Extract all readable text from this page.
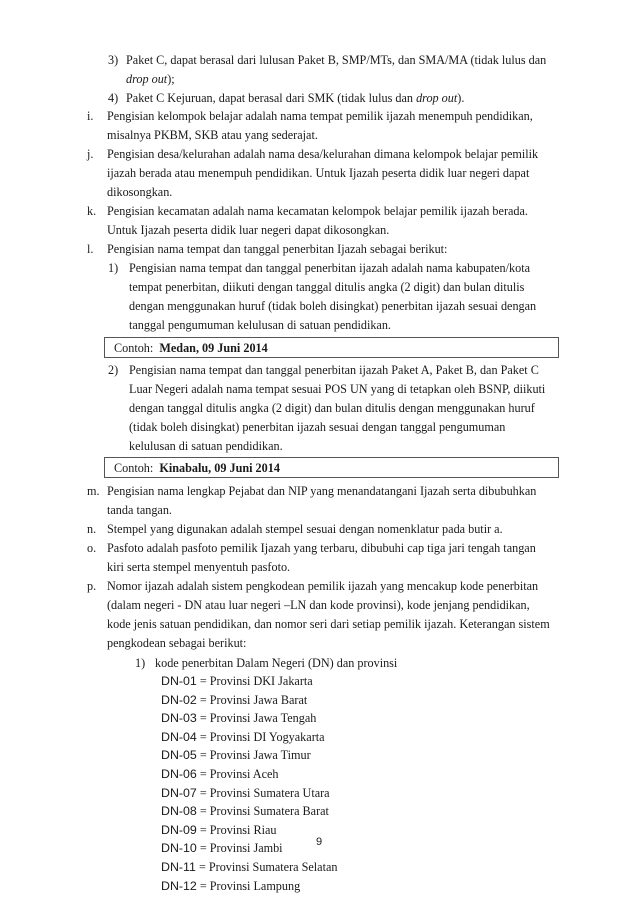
3) Paket C, dapat berasal dari lulusan Paket B, SMP/MTs, dan SMA/MA (tidak lulus dan
drop out);
4) Paket C Kejuruan, dapat berasal dari SMK (tidak lulus dan drop out).
i. Pengisian kelompok belajar adalah nama tempat pemilik ijazah menempuh pendidikan,
misalnya PKBM, SKB atau yang sederajat.
j. Pengisian desa/kelurahan adalah nama desa/kelurahan dimana kelompok belajar pemilik
ijazah berada atau menempuh pendidikan. Untuk Ijazah peserta didik luar negeri dapat
dikosongkan.
k. Pengisian kecamatan adalah nama kecamatan kelompok belajar pemilik ijazah berada.
Untuk Ijazah peserta didik luar negeri dapat dikosongkan.
l. Pengisian nama tempat dan tanggal penerbitan Ijazah sebagai berikut:
1) Pengisian nama tempat dan tanggal penerbitan ijazah adalah nama kabupaten/kota
tempat penerbitan, diikuti dengan tanggal ditulis angka (2 digit) dan bulan ditulis
dengan menggunakan huruf (tidak boleh disingkat) penerbitan ijazah sesuai dengan
tanggal pengumuman kelulusan di satuan pendidikan.
Contoh: Medan, 09 Juni 2014
2) Pengisian nama tempat dan tanggal penerbitan ijazah Paket A, Paket B, dan Paket C
Luar Negeri adalah nama tempat sesuai POS UN yang di tetapkan oleh BSNP, diikuti
dengan tanggal ditulis angka (2 digit) dan bulan ditulis dengan menggunakan huruf
(tidak boleh disingkat) penerbitan ijazah sesuai dengan tanggal pengumuman
kelulusan di satuan pendidikan.
Contoh: Kinabalu, 09 Juni 2014
m. Pengisian nama lengkap Pejabat dan NIP yang menandatangani Ijazah serta dibubuhkan
tanda tangan.
n. Stempel yang digunakan adalah stempel sesuai dengan nomenklatur pada butir a.
o. Pasfoto adalah pasfoto pemilik Ijazah yang terbaru, dibubuhi cap tiga jari tengah tangan
kiri serta stempel menyentuh pasfoto.
p. Nomor ijazah adalah sistem pengkodean pemilik ijazah yang mencakup kode penerbitan
(dalam negeri - DN atau luar negeri –LN dan kode provinsi), kode jenjang pendidikan,
kode jenis satuan pendidikan, dan nomor seri dari setiap pemilik ijazah. Keterangan sistem
pengkodean sebagai berikut:
1) kode penerbitan Dalam Negeri (DN) dan provinsi
DN-01 = Provinsi DKI Jakarta
DN-02 = Provinsi Jawa Barat
DN-03 = Provinsi Jawa Tengah
DN-04 = Provinsi DI Yogyakarta
DN-05 = Provinsi Jawa Timur
DN-06 = Provinsi Aceh
DN-07 = Provinsi Sumatera Utara
DN-08 = Provinsi Sumatera Barat
DN-09 = Provinsi Riau
DN-10 = Provinsi Jambi
DN-11 = Provinsi Sumatera Selatan
DN-12 = Provinsi Lampung
9
